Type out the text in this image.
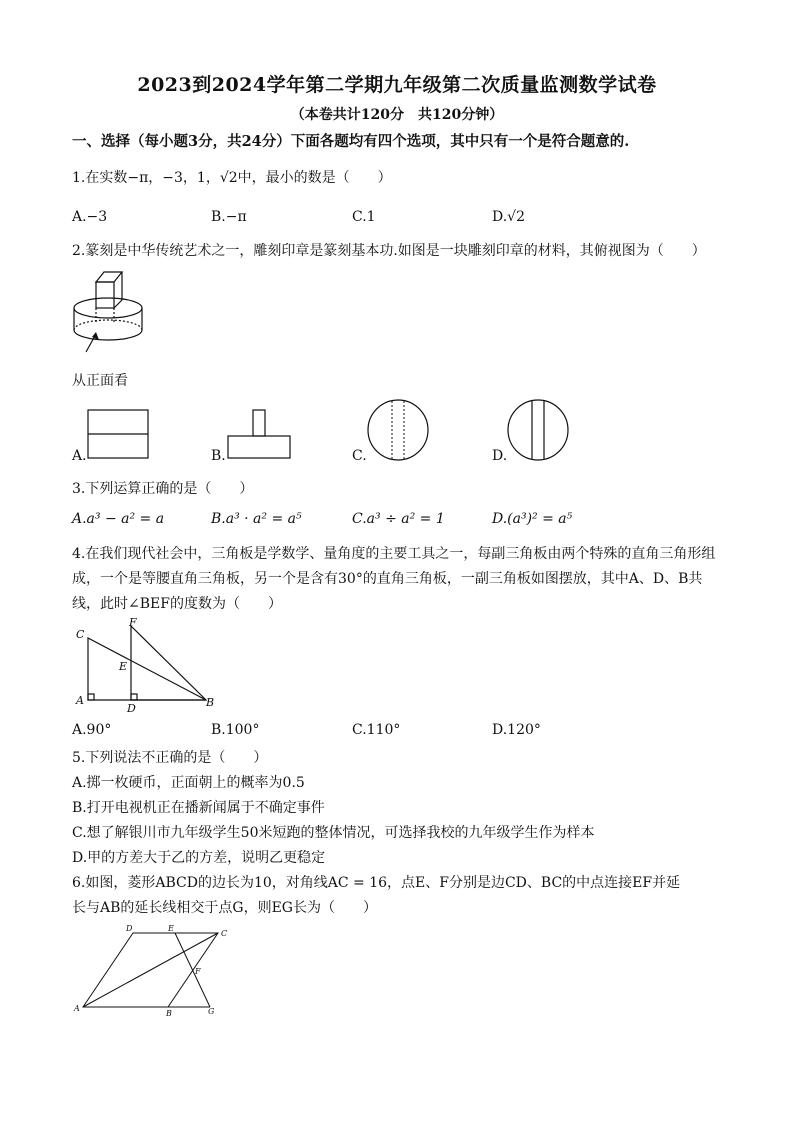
2023到2024学年第二学期九年级第二次质量监测数学试卷
（本卷共计120分　共120分钟）
一、选择（每小题3分，共24分）下面各题均有四个选项，其中只有一个是符合题意的.
1.在实数−π，−3，1，√2中，最小的数是（　　）
A.−3	B.−π	C.1	D.√2
2.篆刻是中华传统艺术之一，雕刻印章是篆刻基本功.如图是一块雕刻印章的材料，其俯视图为（　　）
从正面看
A.	B.	C.	D.
3.下列运算正确的是（　　）
A.a³ − a² = a	B.a³ · a² = a⁵	C.a³ ÷ a² = 1	D.(a³)² = a⁵
4.在我们现代社会中，三角板是学数学、量角度的主要工具之一，每副三角板由两个特殊的直角三角形组
成，一个是等腰直角三角板，另一个是含有30°的直角三角板，一副三角板如图摆放，其中A、D、B共
线，此时∠BEF的度数为（　　）
C
F
E
A
D	B
A.90°	B.100°	C.110°	D.120°
5.下列说法不正确的是（　　）
A.掷一枚硬币，正面朝上的概率为0.5
B.打开电视机正在播新闻属于不确定事件
C.想了解银川市九年级学生50米短跑的整体情况，可选择我校的九年级学生作为样本
D.甲的方差大于乙的方差，说明乙更稳定
6.如图，菱形ABCD的边长为10，对角线AC = 16，点E、F分别是边CD、BC的中点连接EF并延
长与AB的延长线相交于点G，则EG长为（　　）
D	E
C
F
A
B	G
